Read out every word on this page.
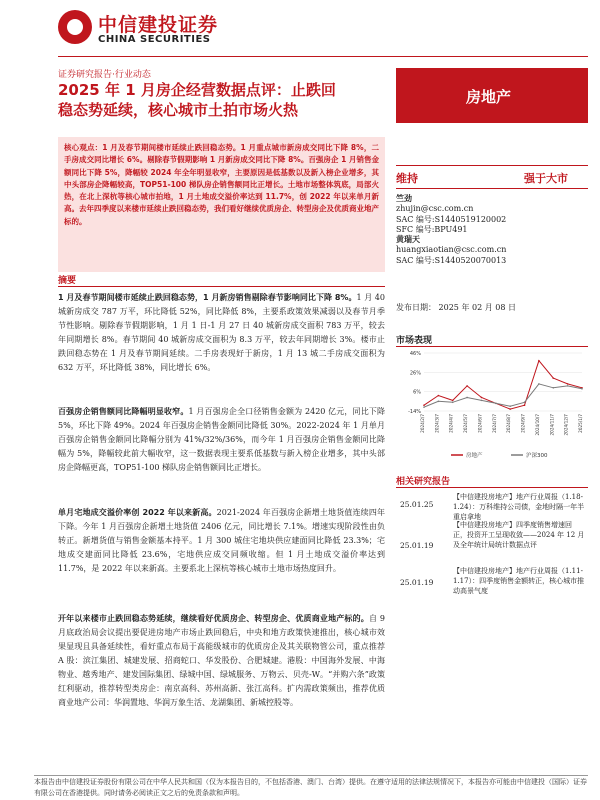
中信建投证券
CHINA SECURITIES
证券研究报告·行业动态
2025 年 1 月房企经营数据点评：止跌回
稳态势延续，核心城市土拍市场火热
房地产
核心观点：1 月及春节期间楼市延续止跌回稳态势。1 月重点城市新房成交同比下降 8%，二手房成交同比增长 6%。剔除春节假期影响 1 月新房成交同比下降 8%。百强房企 1 月销售金额同比下降 5%，降幅较 2024 年全年明显收窄，主要原因是低基数以及新入榜企业增多，其中头部房企降幅较高，TOP51-100 梯队房企销售额同比正增长。土地市场整体筑底，局部火热，在北上深杭等核心城市拍地，1 月土地成交溢价率达到 11.7%，创 2022 年以来单月新高。去年四季度以来楼市延续止跌回稳态势，我们看好继续优质房企、转型房企及优质商业地产标的。
摘要
1 月及春节期间楼市延续止跌回稳态势，1 月新房销售剔除春节影响同比下降 8%。1 月 40 城新房成交 787 万平，环比降低 52%，同比降低 8%，主要系政策效果减弱以及春节月季节性影响。剔除春节假期影响，1 月 1 日-1 月 27 日 40 城新房成交面积 783 万平，较去年同期增长 8%。春节期间 40 城新房成交面积为 8.3 万平，较去年同期增长 3%。楼市止跌回稳态势在 1 月及春节期间延续。二手房表现好于新房，1 月 13 城二手房成交面积为 632 万平，环比降低 38%，同比增长 6%。
百强房企销售额同比降幅明显收窄。1 月百强房企全口径销售金额为 2420 亿元，同比下降 5%，环比下降 49%。2024 年百强房企销售金额同比降低 30%。2022-2024 年 1 月单月百强房企销售金额同比降幅分别为 41%/32%/36%，而今年 1 月百强房企销售金额同比降幅为 5%，降幅较此前大幅收窄，这一数据表现主要系低基数与新入榜企业增多，其中头部房企降幅更高，TOP51-100 梯队房企销售额同比正增长。
单月宅地成交溢价率创 2022 年以来新高。2021-2024 年百强房企新增土地货值连续四年下降。今年 1 月百强房企新增土地货值 2406 亿元，同比增长 7.1%。增速实现阶段性由负转正。新增货值与销售金额基本持平。1 月 300 城住宅地块供应建面同比降低 23.3%；宅地成交建面同比降低 23.6%，宅地供应成交同频收缩。但 1 月土地成交溢价率达到 11.7%，是 2022 年以来新高。主要系北上深杭等核心城市土地市场热度回升。
开年以来楼市止跌回稳态势延续，继续看好优质房企、转型房企、优质商业地产标的。自 9 月底政治局会议提出要促进房地产市场止跌回稳后，中央和地方政策快速推出，核心城市效果显现且具备延续性，看好重点布局于高能级城市的优质房企及其关联物管公司，重点推荐 A 股：滨江集团、城建发展、招商蛇口、华发股份、合肥城建。港股：中国海外发展、中海物业、越秀地产、建发国际集团、绿城中国、绿城服务、万物云、贝壳-W。“并购六条”政策红利驱动，推荐转型类房企：南京高科、苏州高新、张江高科。扩内需政策频出，推荐优质商业地产公司：华润置地、华润万象生活、龙湖集团、新城控股等。
维持	强于大市
竺劲
zhujin@csc.com.cn
SAC 编号:S1440519120002
SFC 编号:BPU491
黄瑞天
huangxiaotian@csc.com.cn
SAC 编号:S1440520070013
发布日期： 2025 年 02 月 08 日
市场表现
46%
26%
6%
-14%
2024/2/7 2024/3/7 2024/4/7 2024/5/7 2024/6/7 2024/7/7 2024/8/7 2024/9/7 2024/10/7 2024/11/7 2024/12/7 2025/1/7
房地产	沪深300
相关研究报告
25.01.25
【中信建投房地产】地产行业周报（1.18-1.24）：万科维持公司债，金地时隔一年半重启拿地
25.01.19
【中信建投房地产】四季度销售增速回正，投资开工呈现收敛——2024 年 12 月及全年统计局统计数据点评
25.01.19
【中信建投房地产】地产行业周报（1.11-1.17）：四季度销售金额转正，核心城市推动高景气度
本报告由中信建投证券股份有限公司在中华人民共和国（仅为本报告目的，不包括香港、澳门、台湾）提供。在遵守适用的法律法规情况下，本报告亦可能由中信建投（国际）证券有限公司在香港提供。同时请务必阅读正文之后的免责条款和声明。
